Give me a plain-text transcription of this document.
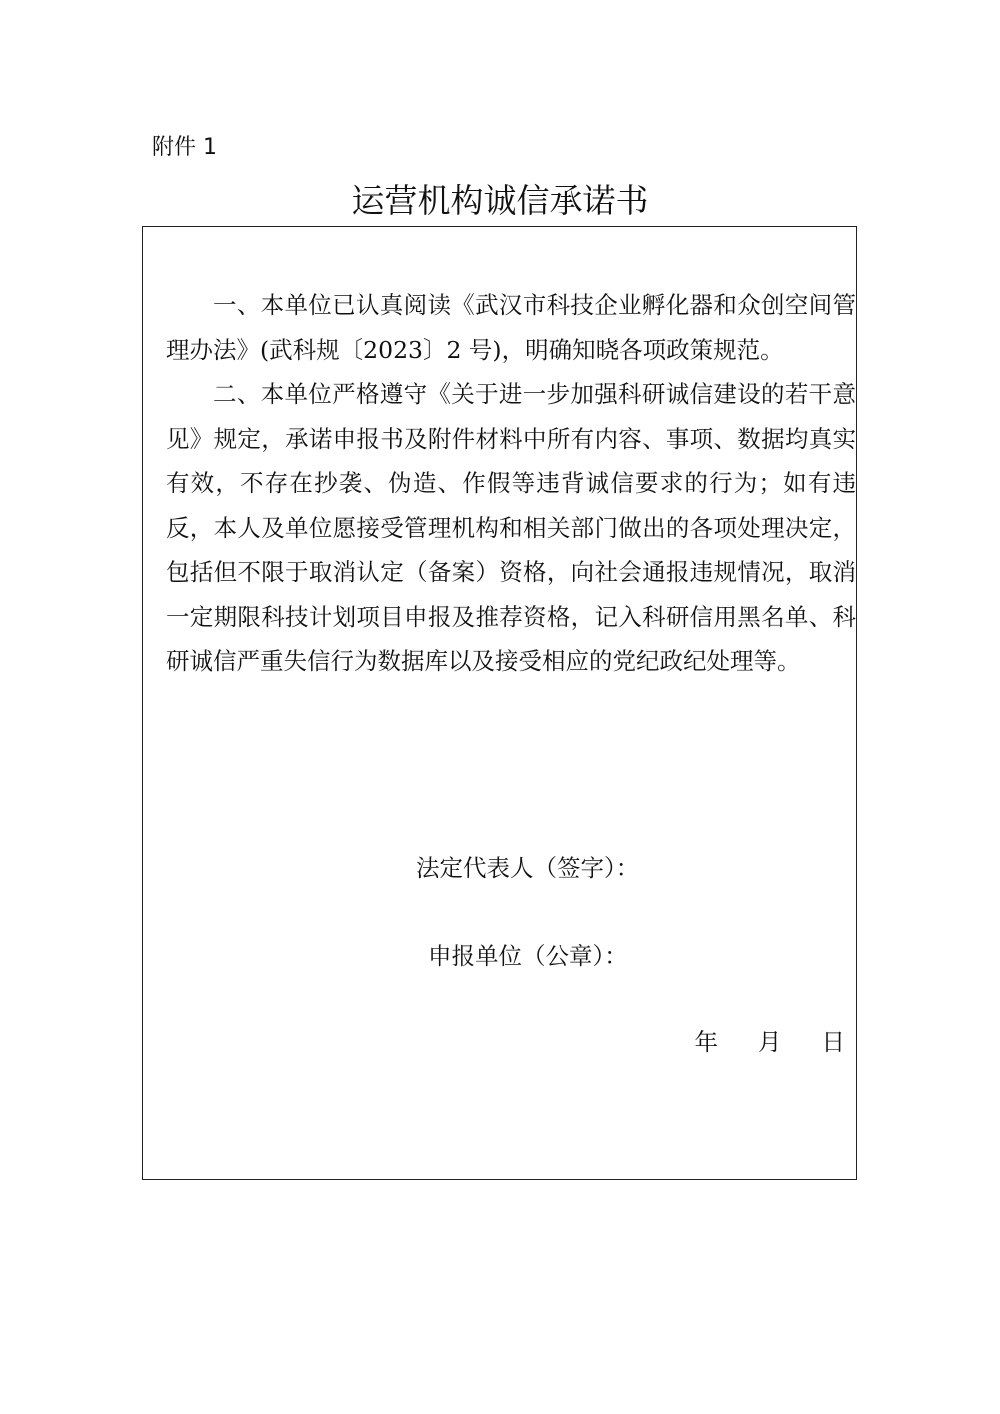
附件 1
运营机构诚信承诺书

一、本单位已认真阅读《武汉市科技企业孵化器和众创空间管理办法》(武科规〔2023〕2 号)，明确知晓各项政策规范。

二、本单位严格遵守《关于进一步加强科研诚信建设的若干意见》规定，承诺申报书及附件材料中所有内容、事项、数据均真实有效，不存在抄袭、伪造、作假等违背诚信要求的行为；如有违反，本人及单位愿接受管理机构和相关部门做出的各项处理决定，包括但不限于取消认定（备案）资格，向社会通报违规情况，取消一定期限科技计划项目申报及推荐资格，记入科研信用黑名单、科研诚信严重失信行为数据库以及接受相应的党纪政纪处理等。

法定代表人（签字）：
申报单位（公章）：
年 月 日
